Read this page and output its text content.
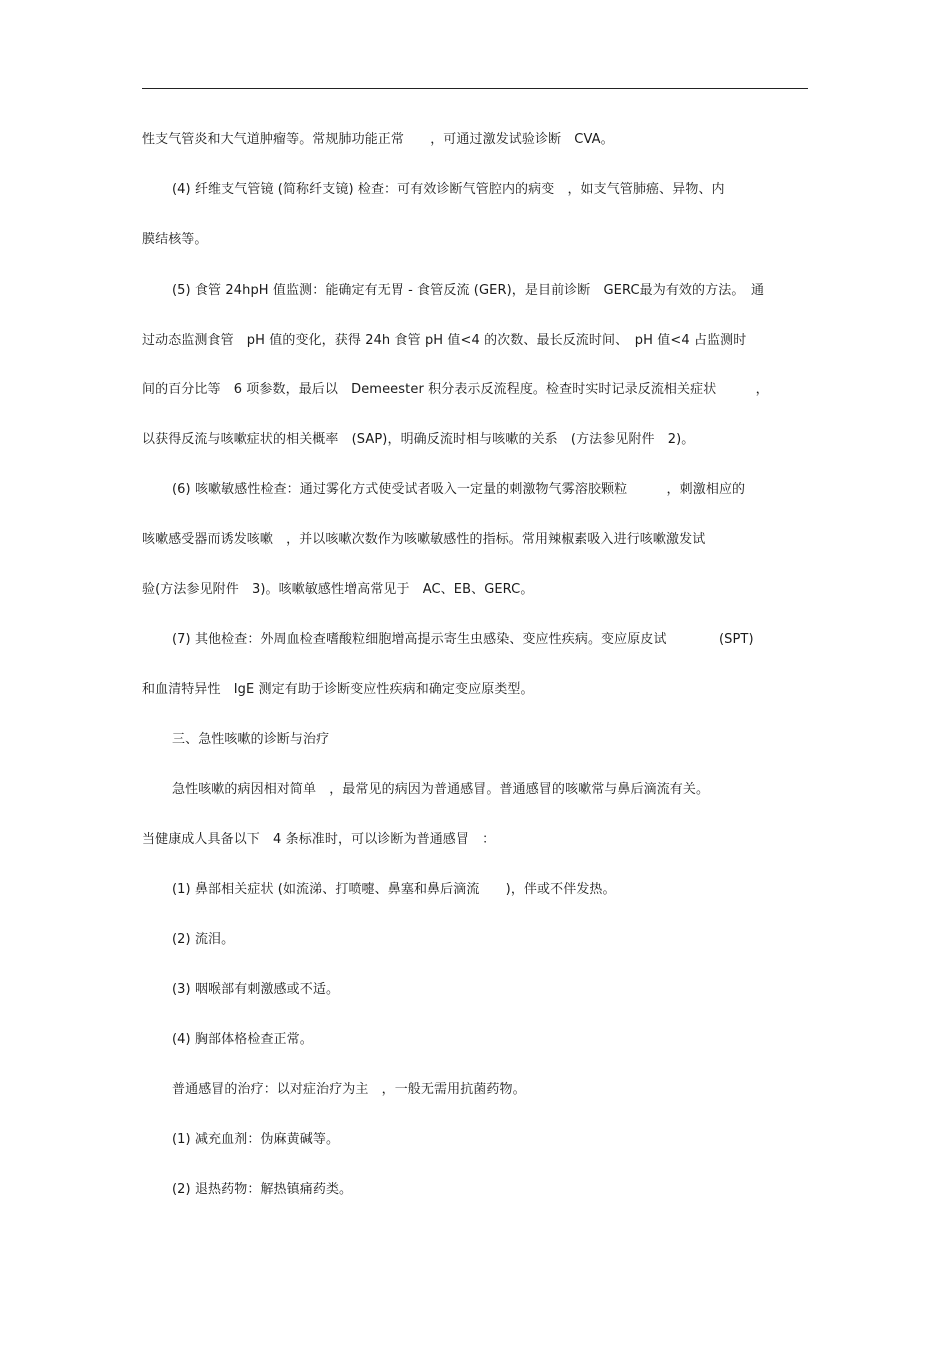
性支气管炎和大气道肿瘤等。常规肺功能正常　　，可通过激发试验诊断　CVA。
(4) 纤维支气管镜 (简称纤支镜) 检查：可有效诊断气管腔内的病变　，如支气管肺癌、异物、内
膜结核等。
(5) 食管 24hpH 值监测：能确定有无胃 - 食管反流 (GER)，是目前诊断　GERC最为有效的方法。　通
过动态监测食管　pH 值的变化，获得 24h 食管 pH 值<4 的次数、最长反流时间、　pH 值<4 占监测时
间的百分比等　6 项参数，最后以　Demeester 积分表示反流程度。检查时实时记录反流相关症状　　　，
以获得反流与咳嗽症状的相关概率　(SAP)，明确反流时相与咳嗽的关系　(方法参见附件　2)。
(6) 咳嗽敏感性检查：通过雾化方式使受试者吸入一定量的刺激物气雾溶胶颗粒　　　，刺激相应的
咳嗽感受器而诱发咳嗽　，并以咳嗽次数作为咳嗽敏感性的指标。常用辣椒素吸入进行咳嗽激发试
验(方法参见附件　3)。咳嗽敏感性增高常见于　AC、EB、GERC。
(7) 其他检查：外周血检查嗜酸粒细胞增高提示寄生虫感染、变应性疾病。变应原皮试　　　　(SPT)
和血清特异性　IgE 测定有助于诊断变应性疾病和确定变应原类型。
三、急性咳嗽的诊断与治疗
急性咳嗽的病因相对简单　，最常见的病因为普通感冒。普通感冒的咳嗽常与鼻后滴流有关。
当健康成人具备以下　4 条标准时，可以诊断为普通感冒　：
(1) 鼻部相关症状 (如流涕、打喷嚏、鼻塞和鼻后滴流　　)，伴或不伴发热。
(2) 流泪。
(3) 咽喉部有刺激感或不适。
(4) 胸部体格检查正常。
普通感冒的治疗：以对症治疗为主　，一般无需用抗菌药物。
(1) 减充血剂：伪麻黄碱等。
(2) 退热药物：解热镇痛药类。
